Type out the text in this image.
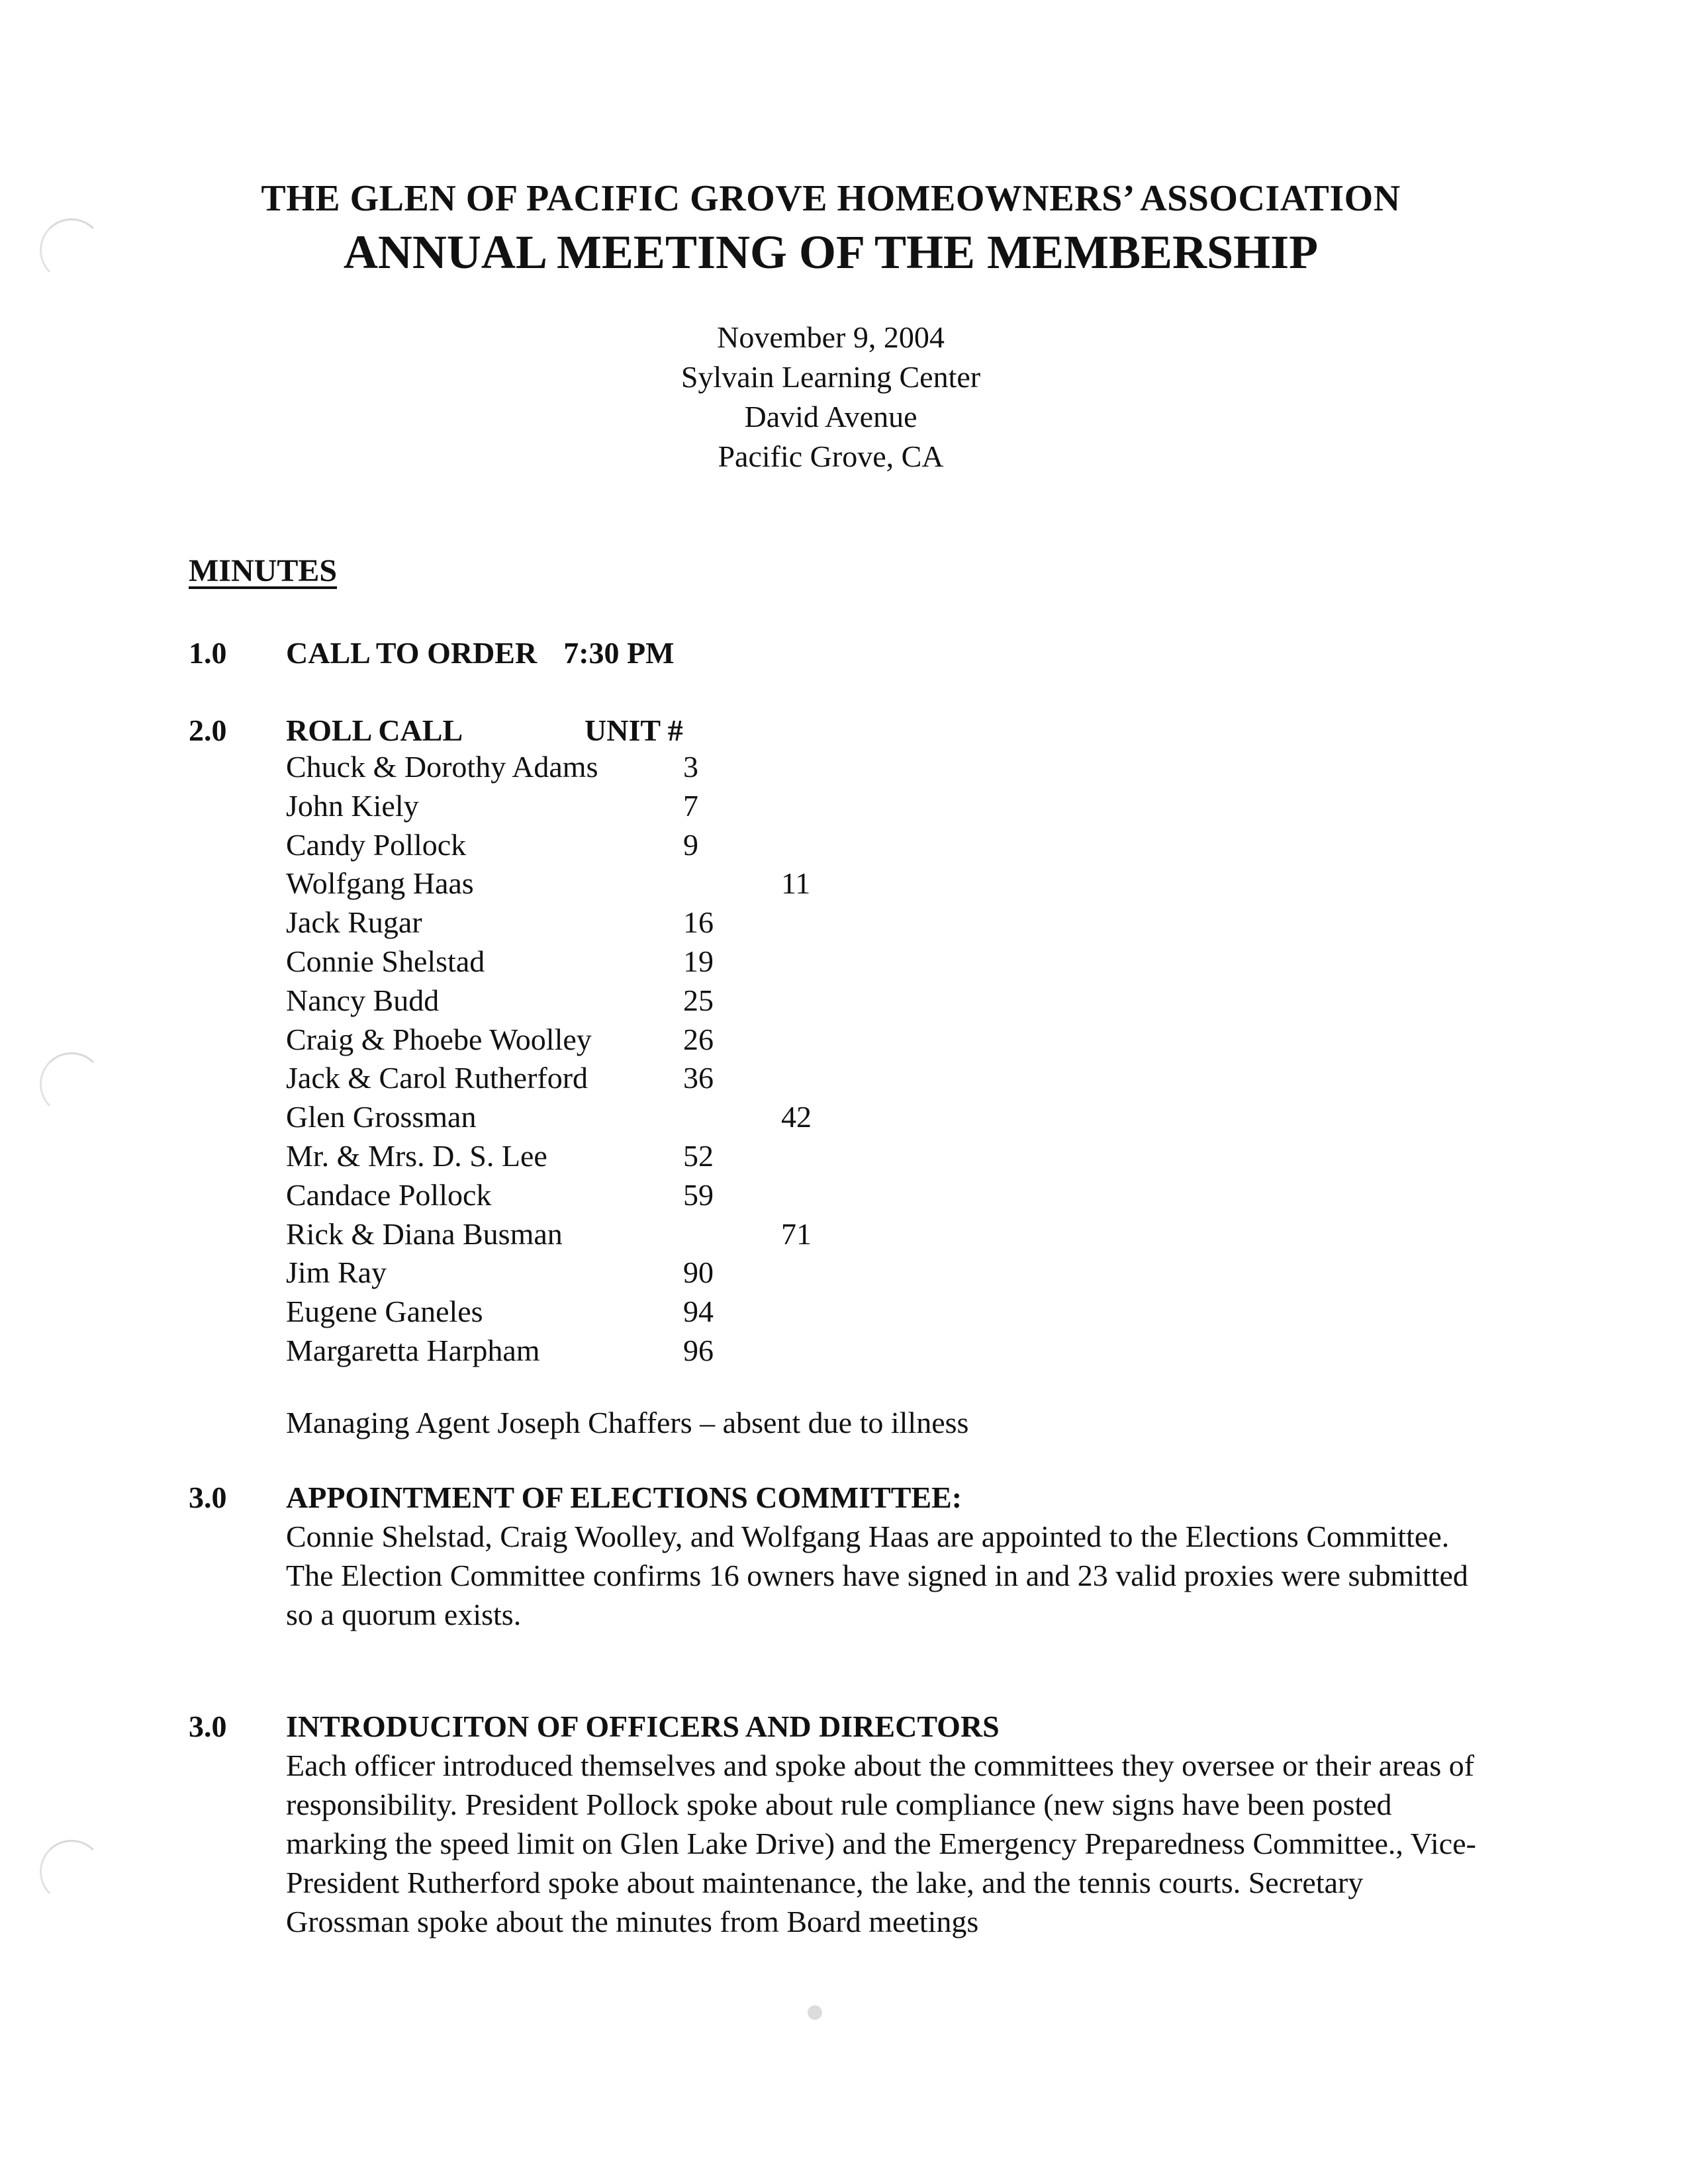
THE GLEN OF PACIFIC GROVE HOMEOWNERS’ ASSOCIATION
ANNUAL MEETING OF THE MEMBERSHIP
November 9, 2004
Sylvain Learning Center
David Avenue
Pacific Grove, CA
MINUTES
1.0 CALL TO ORDER 7:30 PM
2.0 ROLL CALL	UNIT #
Chuck & Dorothy Adams	3
John Kiely	7
Candy Pollock	9
Wolfgang Haas	11
Jack Rugar	16
Connie Shelstad	19
Nancy Budd	25
Craig & Phoebe Woolley	26
Jack & Carol Rutherford	36
Glen Grossman	42
Mr. & Mrs. D. S. Lee	52
Candace Pollock	59
Rick & Diana Busman	71
Jim Ray	90
Eugene Ganeles	94
Margaretta Harpham	96
Managing Agent Joseph Chaffers – absent due to illness
3.0 APPOINTMENT OF ELECTIONS COMMITTEE:

Connie Shelstad, Craig Woolley, and Wolfgang Haas are appointed to the Elections Committee.

The Election Committee confirms 16 owners have signed in and 23 valid proxies were submitted so a quorum exists.

3.0 INTRODUCITON OF OFFICERS AND DIRECTORS

Each officer introduced themselves and spoke about the committees they oversee or their areas of responsibility. President Pollock spoke about rule compliance (new signs have been posted marking the speed limit on Glen Lake Drive) and the Emergency Preparedness Committee., Vice-President Rutherford spoke about maintenance, the lake, and the tennis courts. Secretary Grossman spoke about the minutes from Board meetings
